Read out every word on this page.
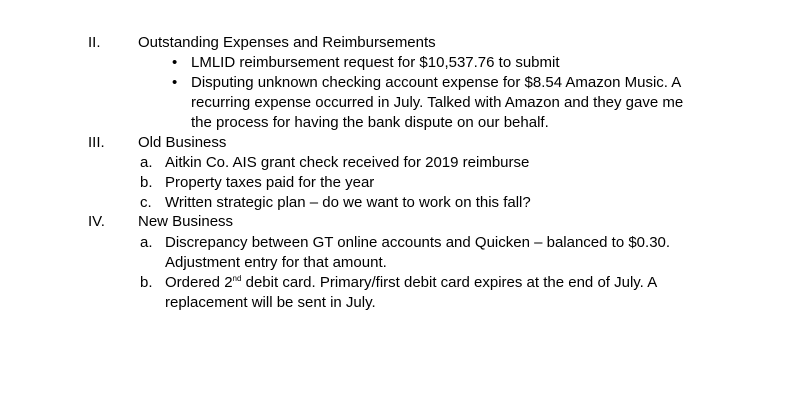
II. Outstanding Expenses and Reimbursements
• LMLID reimbursement request for $10,537.76 to submit
• Disputing unknown checking account expense for $8.54 Amazon Music. A
recurring expense occurred in July. Talked with Amazon and they gave me
the process for having the bank dispute on our behalf.
III. Old Business
a. Aitkin Co. AIS grant check received for 2019 reimburse
b. Property taxes paid for the year
c. Written strategic plan – do we want to work on this fall?
IV. New Business
a. Discrepancy between GT online accounts and Quicken – balanced to $0.30.
Adjustment entry for that amount.
b. Ordered 2nd debit card. Primary/first debit card expires at the end of July. A
replacement will be sent in July.
